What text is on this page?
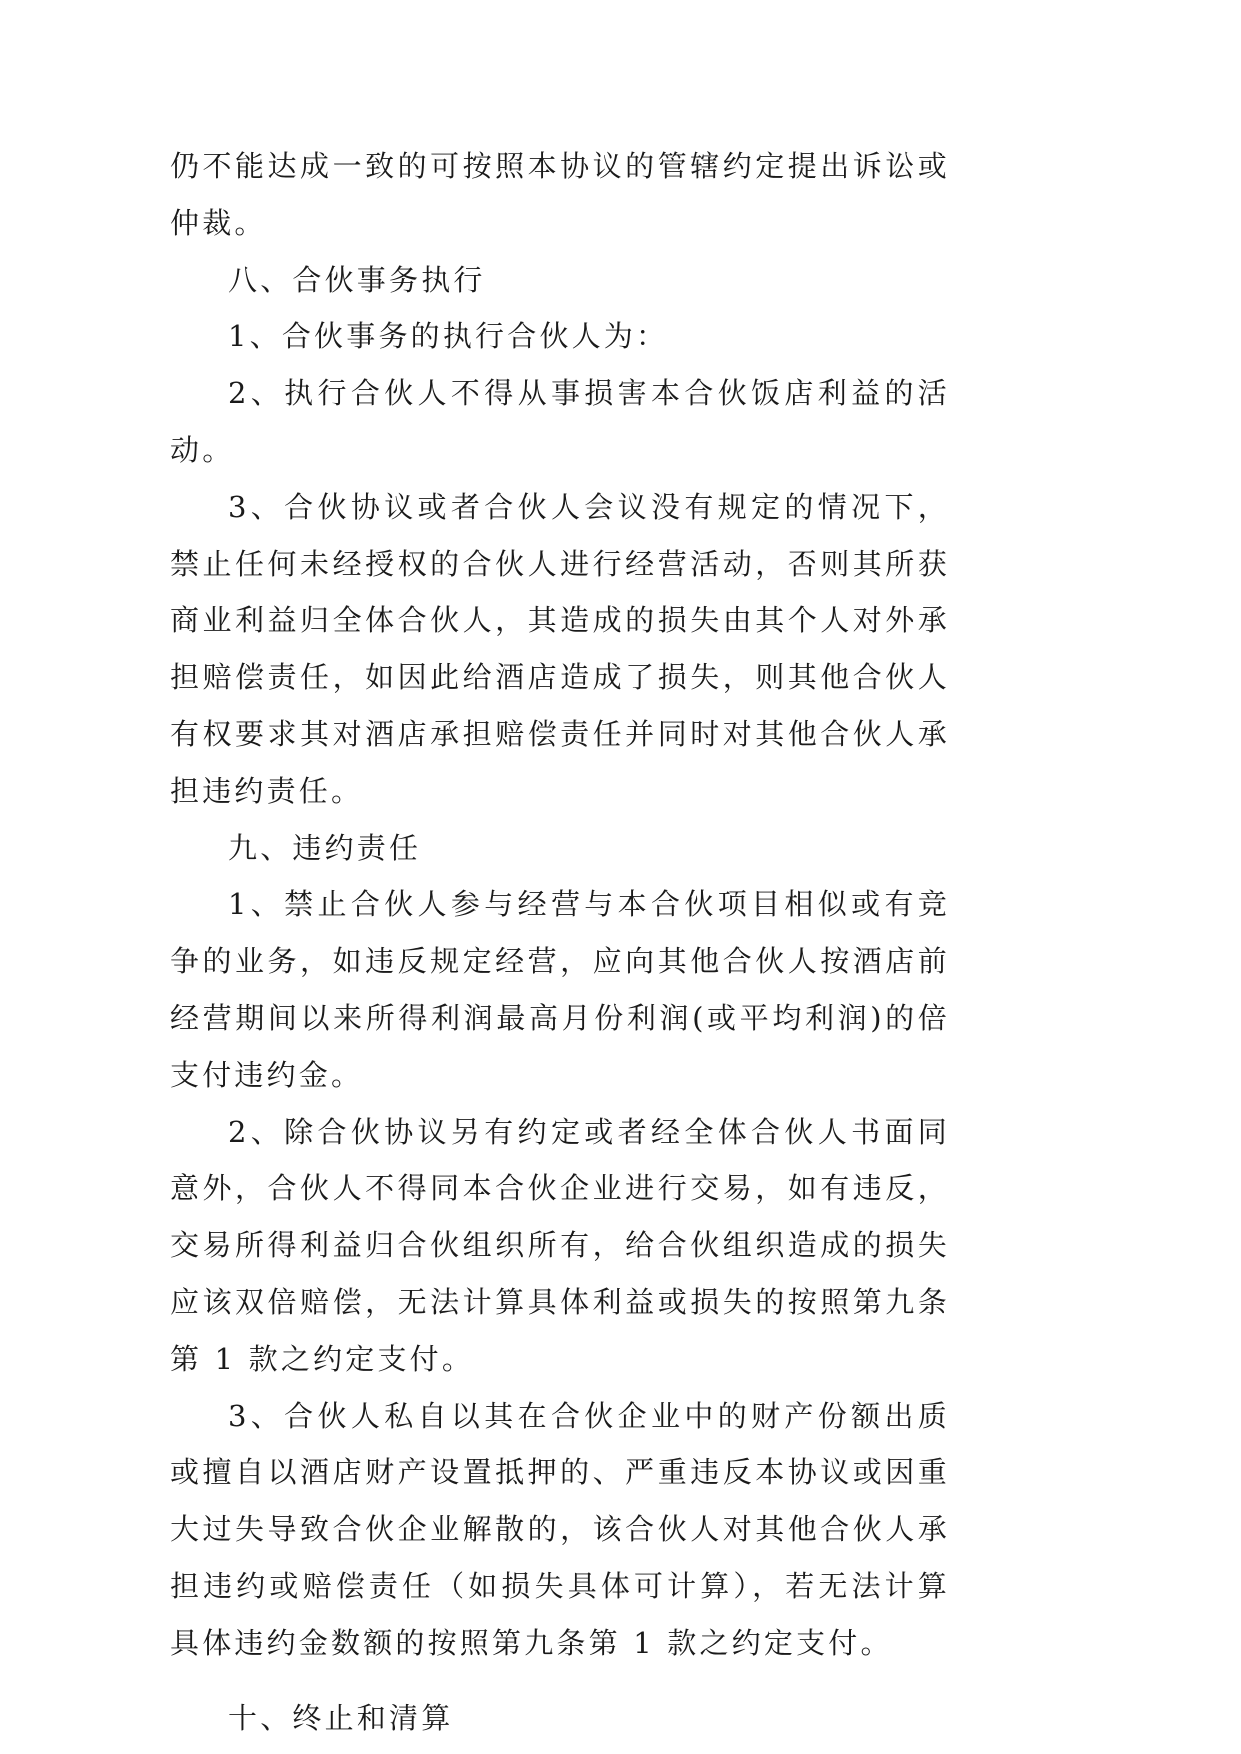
仍不能达成一致的可按照本协议的管辖约定提出诉讼或仲裁。

八、合伙事务执行

1、合伙事务的执行合伙人为：

2、执行合伙人不得从事损害本合伙饭店利益的活动。

3、合伙协议或者合伙人会议没有规定的情况下，禁止任何未经授权的合伙人进行经营活动，否则其所获商业利益归全体合伙人，其造成的损失由其个人对外承担赔偿责任，如因此给酒店造成了损失，则其他合伙人有权要求其对酒店承担赔偿责任并同时对其他合伙人承担违约责任。

九、违约责任

1、禁止合伙人参与经营与本合伙项目相似或有竞争的业务，如违反规定经营，应向其他合伙人按酒店前经营期间以来所得利润最高月份利润(或平均利润)的倍支付违约金。

2、除合伙协议另有约定或者经全体合伙人书面同意外，合伙人不得同本合伙企业进行交易，如有违反，交易所得利益归合伙组织所有，给合伙组织造成的损失应该双倍赔偿，无法计算具体利益或损失的按照第九条第 1 款之约定支付。

3、合伙人私自以其在合伙企业中的财产份额出质或擅自以酒店财产设置抵押的、严重违反本协议或因重大过失导致合伙企业解散的，该合伙人对其他合伙人承担违约或赔偿责任（如损失具体可计算），若无法计算具体违约金数额的按照第九条第 1 款之约定支付。

十、终止和清算
